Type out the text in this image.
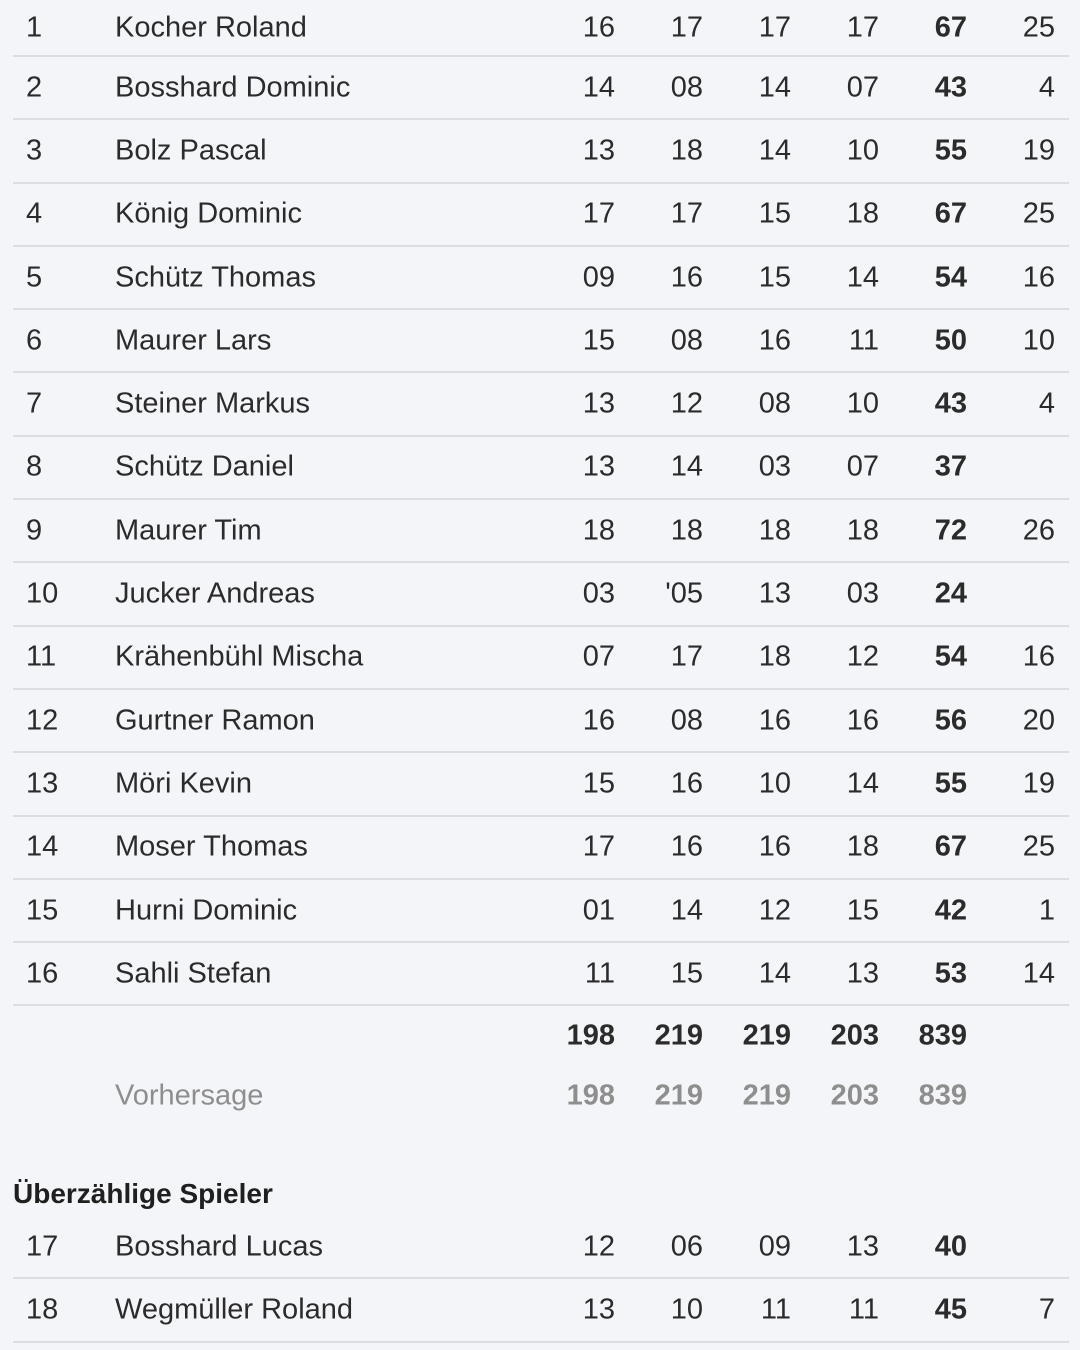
1	Kocher Roland	16 17 17 17 67 25
2	Bosshard Dominic	14 08 14 07 43 4
3	Bolz Pascal	13 18 14 10 55 19
4	König Dominic	17 17 15 18 67 25
5	Schütz Thomas	09 16 15 14 54 16
6	Maurer Lars	15 08 16 11 50 10
7	Steiner Markus	13 12 08 10 43 4
8	Schütz Daniel	13 14 03 07 37
9	Maurer Tim	18 18 18 18 72 26
10 Jucker Andreas	03 '05 13 03 24
11 Krähenbühl Mischa	07 17 18 12 54 16
12 Gurtner Ramon	16 08 16 16 56 20
13 Möri Kevin	15 16 10 14 55 19
14 Moser Thomas	17 16 16 18 67 25
15 Hurni Dominic	01 14 12 15 42 1
16 Sahli Stefan	11 15 14 13 53 14
198 219 219 203 839
Vorhersage	198 219 219 203 839
Überzählige Spieler
17 Bosshard Lucas	12 06 09 13 40
18 Wegmüller Roland	13 10 11 11 45 7
